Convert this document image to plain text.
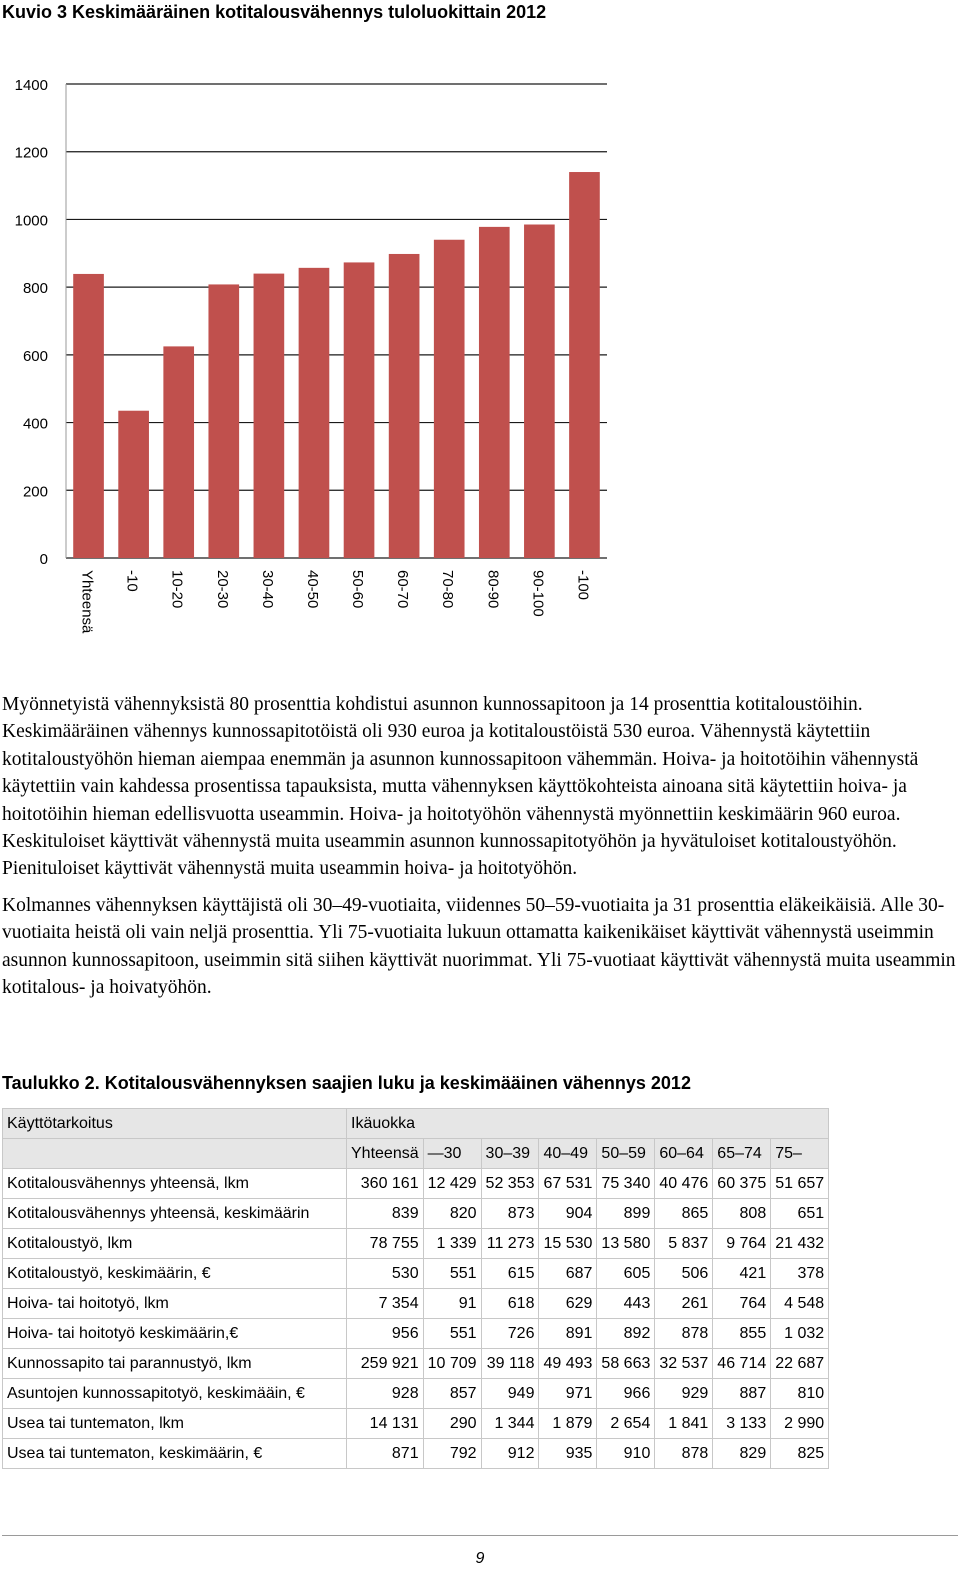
Kuvio 3 Keskimääräinen kotitalousvähennys tuloluokittain 2012
0
200
400
600
800
1000
1200
1400
Yhteensä -10 10-20 20-30 30-40 40-50 50-60 60-70 70-80 80-90 90-100 -100

Myönnetyistä vähennyksistä 80 prosenttia kohdistui asunnon kunnossapitoon ja 14 prosenttia kotitaloustöihin. Keskimääräinen vähennys kunnossapitotöistä oli 930 euroa ja kotitaloustöistä 530 euroa. Vähennystä käytettiin kotitaloustyöhön hieman aiempaa enemmän ja asunnon kunnossapitoon vähemmän. Hoiva- ja hoitotöihin vähennystä käytettiin vain kahdessa prosentissa tapauksista, mutta vähennyksen käyttökohteista ainoana sitä käytettiin hoiva- ja hoitotöihin hieman edellisvuotta useammin. Hoiva- ja hoitotyöhön vähennystä myönnettiin keskimäärin 960 euroa. Keskituloiset käyttivät vähennystä muita useammin asunnon kunnossapitotyöhön ja hyvätuloiset kotitaloustyöhön. Pienituloiset käyttivät vähennystä muita useammin hoiva- ja hoitotyöhön.

Kolmannes vähennyksen käyttäjistä oli 30–49-vuotiaita, viidennes 50–59-vuotiaita ja 31 prosenttia eläkeikäisiä. Alle 30-vuotiaita heistä oli vain neljä prosenttia. Yli 75-vuotiaita lukuun ottamatta kaikenikäiset käyttivät vähennystä useimmin asunnon kunnossapitoon, useimmin sitä siihen käyttivät nuorimmat. Yli 75-vuotiaat käyttivät vähennystä muita useammin kotitalous- ja hoivatyöhön.

Taulukko 2. Kotitalousvähennyksen saajien luku ja keskimääinen vähennys 2012
Käyttötarkoitus	Ikäuokka							
	Yhteensä	—30	30–39	40–49	50–59	60–64	65–74	75–
Kotitalousvähennys yhteensä, lkm	360 161	12 429	52 353	67 531	75 340	40 476	60 375	51 657
Kotitalousvähennys yhteensä, keskimäärin	839	820	873	904	899	865	808	651
Kotitaloustyö, lkm	78 755	1 339	11 273	15 530	13 580	5 837	9 764	21 432
Kotitaloustyö, keskimäärin, €	530	551	615	687	605	506	421	378
Hoiva- tai hoitotyö, lkm	7 354	91	618	629	443	261	764	4 548
Hoiva- tai hoitotyö keskimäärin,€	956	551	726	891	892	878	855	1 032
Kunnossapito tai parannustyö, lkm	259 921	10 709	39 118	49 493	58 663	32 537	46 714	22 687
Asuntojen kunnossapitotyö, keskimääin, €	928	857	949	971	966	929	887	810
Usea tai tuntematon, lkm	14 131	290	1 344	1 879	2 654	1 841	3 133	2 990
Usea tai tuntematon, keskimäärin, €	871	792	912	935	910	878	829	825
9
